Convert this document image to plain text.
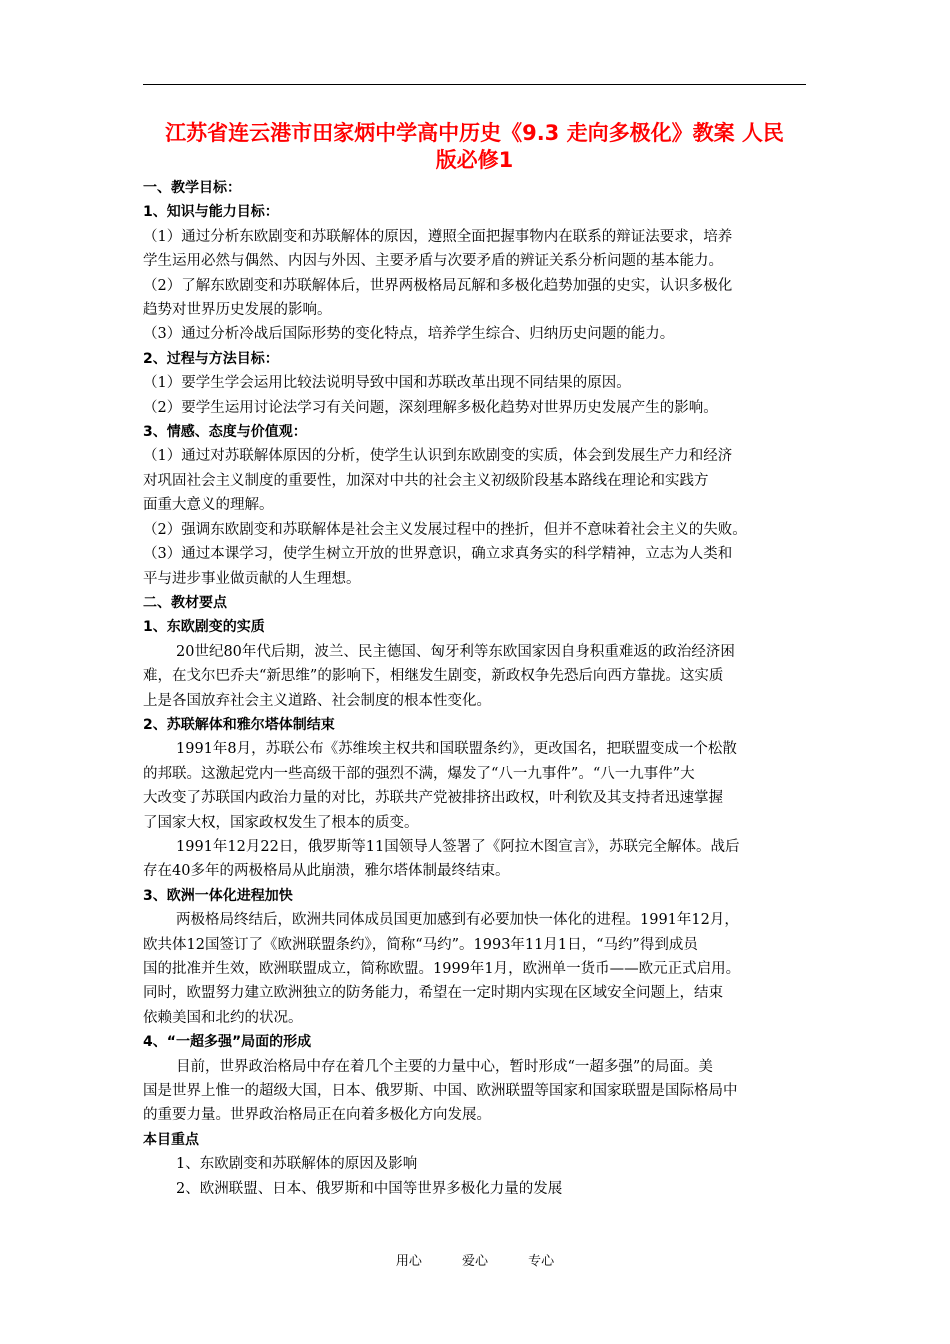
江苏省连云港市田家炳中学高中历史《9.3 走向多极化》教案 人民
版必修1

一、教学目标：

1、知识与能力目标：

（1）通过分析东欧剧变和苏联解体的原因，遵照全面把握事物内在联系的辩证法要求，培养

学生运用必然与偶然、内因与外因、主要矛盾与次要矛盾的辨证关系分析问题的基本能力。

（2）了解东欧剧变和苏联解体后，世界两极格局瓦解和多极化趋势加强的史实，认识多极化

趋势对世界历史发展的影响。

（3）通过分析冷战后国际形势的变化特点，培养学生综合、归纳历史问题的能力。

2、过程与方法目标：

（1）要学生学会运用比较法说明导致中国和苏联改革出现不同结果的原因。

（2）要学生运用讨论法学习有关问题，深刻理解多极化趋势对世界历史发展产生的影响。

3、情感、态度与价值观：

（1）通过对苏联解体原因的分析，使学生认识到东欧剧变的实质，体会到发展生产力和经济

对巩固社会主义制度的重要性，加深对中共的社会主义初级阶段基本路线在理论和实践方

面重大意义的理解。

（2）强调东欧剧变和苏联解体是社会主义发展过程中的挫折，但并不意味着社会主义的失败。

（3）通过本课学习，使学生树立开放的世界意识，确立求真务实的科学精神，立志为人类和

平与进步事业做贡献的人生理想。

二、教材要点

1、东欧剧变的实质

20世纪80年代后期，波兰、民主德国、匈牙利等东欧国家因自身积重难返的政治经济困

难，在戈尔巴乔夫“新思维”的影响下，相继发生剧变，新政权争先恐后向西方靠拢。这实质

上是各国放弃社会主义道路、社会制度的根本性变化。

2、苏联解体和雅尔塔体制结束

1991年8月，苏联公布《苏维埃主权共和国联盟条约》，更改国名，把联盟变成一个松散

的邦联。这激起党内一些高级干部的强烈不满，爆发了“八一九事件”。“八一九事件”大

大改变了苏联国内政治力量的对比，苏联共产党被排挤出政权，叶利钦及其支持者迅速掌握

了国家大权，国家政权发生了根本的质变。

1991年12月22日，俄罗斯等11国领导人签署了《阿拉木图宣言》，苏联完全解体。战后

存在40多年的两极格局从此崩溃，雅尔塔体制最终结束。

3、欧洲一体化进程加快

两极格局终结后，欧洲共同体成员国更加感到有必要加快一体化的进程。1991年12月，

欧共体12国签订了《欧洲联盟条约》，简称“马约”。1993年11月1日，“马约”得到成员

国的批准并生效，欧洲联盟成立，简称欧盟。1999年1月，欧洲单一货币——欧元正式启用。

同时，欧盟努力建立欧洲独立的防务能力，希望在一定时期内实现在区域安全问题上，结束

依赖美国和北约的状况。

4、“一超多强”局面的形成

目前，世界政治格局中存在着几个主要的力量中心，暂时形成“一超多强”的局面。美

国是世界上惟一的超级大国，日本、俄罗斯、中国、欧洲联盟等国家和国家联盟是国际格局中

的重要力量。世界政治格局正在向着多极化方向发展。

本目重点

1、东欧剧变和苏联解体的原因及影响

2、欧洲联盟、日本、俄罗斯和中国等世界多极化力量的发展

用心	爱心	专心
